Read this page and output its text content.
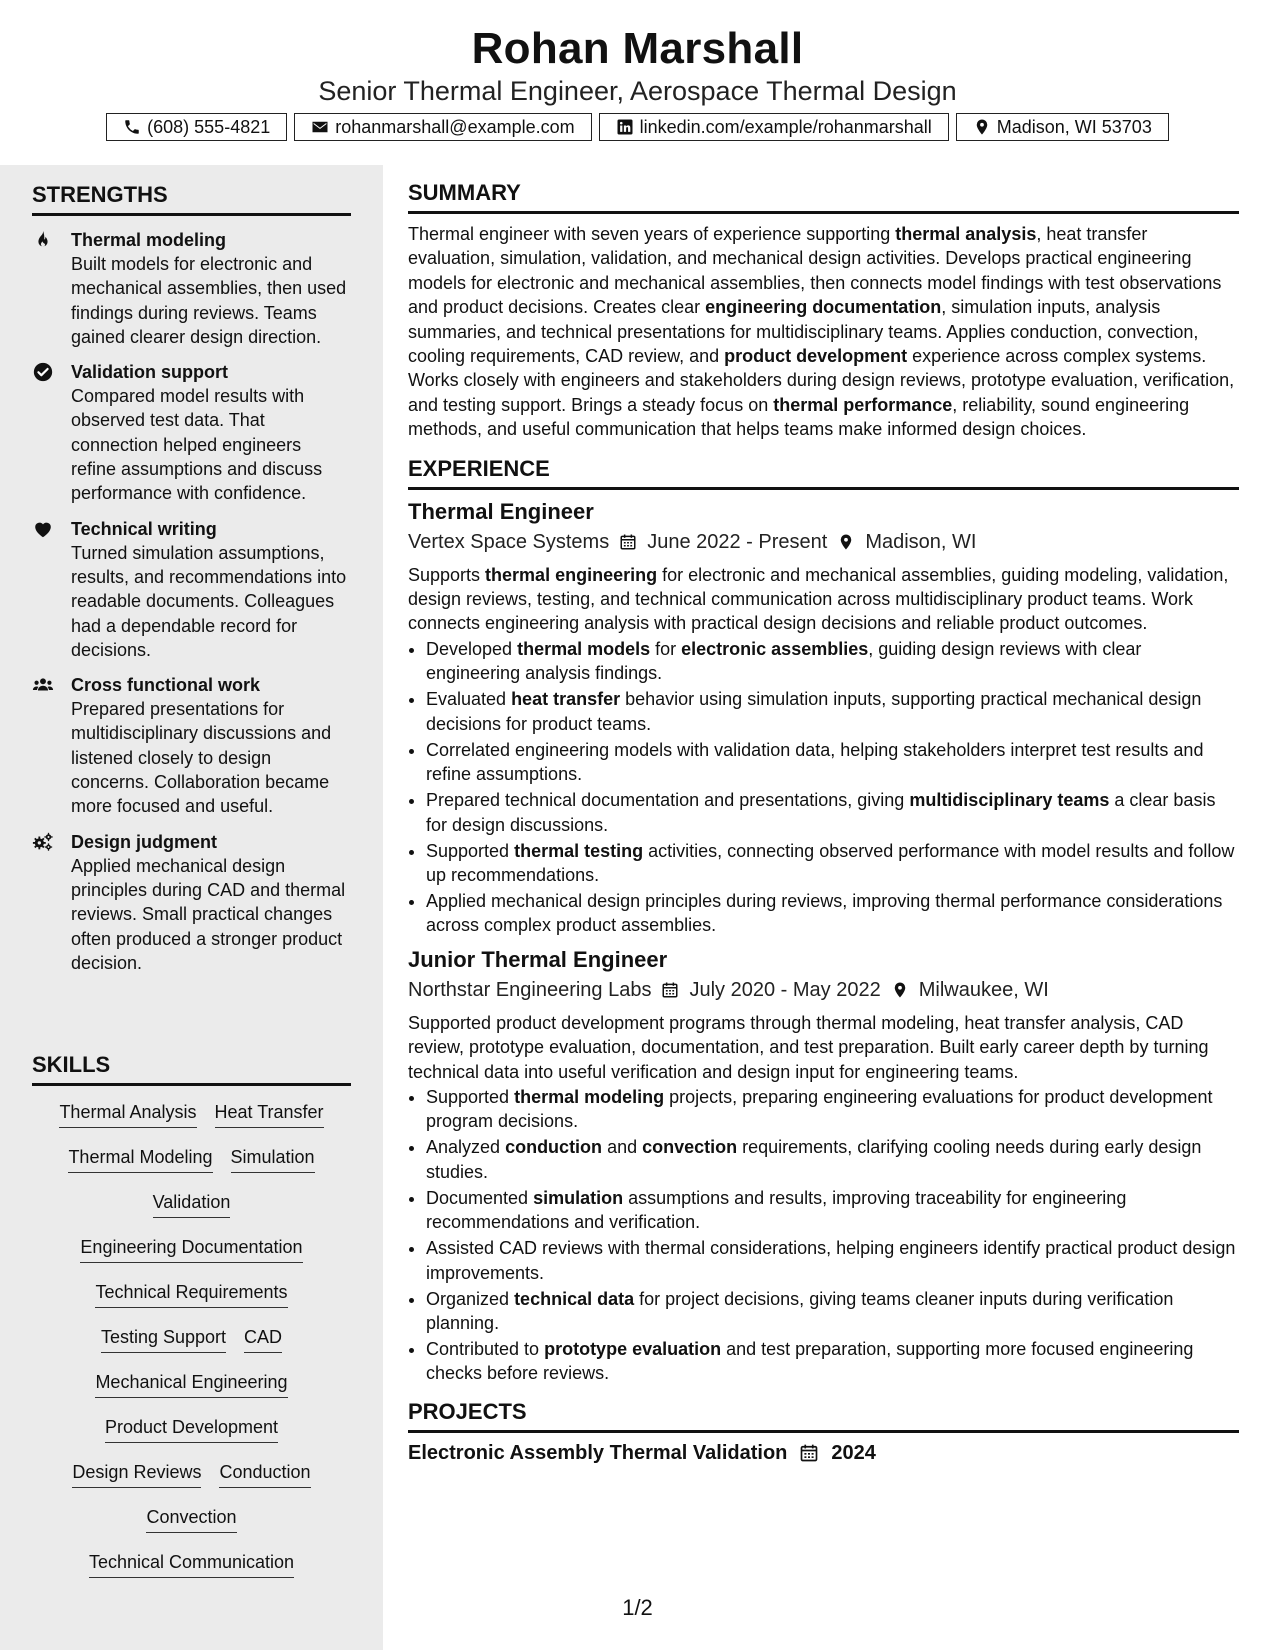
Rohan Marshall
Senior Thermal Engineer, Aerospace Thermal Design
(608) 555-4821	rohanmarshall@example.com	linkedin.com/example/rohanmarshall	Madison, WI 53703
STRENGTHS
Thermal modeling
Built models for electronic and mechanical assemblies, then used findings during reviews. Teams gained clearer design direction.
Validation support
Compared model results with observed test data. That connection helped engineers refine assumptions and discuss performance with confidence.
Technical writing
Turned simulation assumptions, results, and recommendations into readable documents. Colleagues had a dependable record for decisions.
Cross functional work
Prepared presentations for multidisciplinary discussions and listened closely to design concerns. Collaboration became more focused and useful.
Design judgment
Applied mechanical design principles during CAD and thermal reviews. Small practical changes often produced a stronger product decision.
SKILLS
Thermal Analysis Heat Transfer
Thermal Modeling Simulation
Validation
Engineering Documentation
Technical Requirements
Testing Support CAD
Mechanical Engineering
Product Development
Design Reviews Conduction
Convection
Technical Communication
SUMMARY
Thermal engineer with seven years of experience supporting thermal analysis, heat transfer evaluation, simulation, validation, and mechanical design activities. Develops practical engineering models for electronic and mechanical assemblies, then connects model findings with test observations and product decisions. Creates clear engineering documentation, simulation inputs, analysis summaries, and technical presentations for multidisciplinary teams. Applies conduction, convection, cooling requirements, CAD review, and product development experience across complex systems. Works closely with engineers and stakeholders during design reviews, prototype evaluation, verification, and testing support. Brings a steady focus on thermal performance, reliability, sound engineering methods, and useful communication that helps teams make informed design choices.
EXPERIENCE
Thermal Engineer
Vertex Space Systems June 2022 - Present Madison, WI
Supports thermal engineering for electronic and mechanical assemblies, guiding modeling, validation, design reviews, testing, and technical communication across multidisciplinary product teams. Work connects engineering analysis with practical design decisions and reliable product outcomes.
• Developed thermal models for electronic assemblies, guiding design reviews with clear engineering analysis findings.
• Evaluated heat transfer behavior using simulation inputs, supporting practical mechanical design decisions for product teams.
• Correlated engineering models with validation data, helping stakeholders interpret test results and refine assumptions.
• Prepared technical documentation and presentations, giving multidisciplinary teams a clear basis for design discussions.
• Supported thermal testing activities, connecting observed performance with model results and follow up recommendations.
• Applied mechanical design principles during reviews, improving thermal performance considerations across complex product assemblies.
Junior Thermal Engineer
Northstar Engineering Labs July 2020 - May 2022 Milwaukee, WI
Supported product development programs through thermal modeling, heat transfer analysis, CAD review, prototype evaluation, documentation, and test preparation. Built early career depth by turning technical data into useful verification and design input for engineering teams.
• Supported thermal modeling projects, preparing engineering evaluations for product development program decisions.
• Analyzed conduction and convection requirements, clarifying cooling needs during early design studies.
• Documented simulation assumptions and results, improving traceability for engineering recommendations and verification.
• Assisted CAD reviews with thermal considerations, helping engineers identify practical product design improvements.
• Organized technical data for project decisions, giving teams cleaner inputs during verification planning.
• Contributed to prototype evaluation and test preparation, supporting more focused engineering checks before reviews.
PROJECTS
Electronic Assembly Thermal Validation 2024
1/2
